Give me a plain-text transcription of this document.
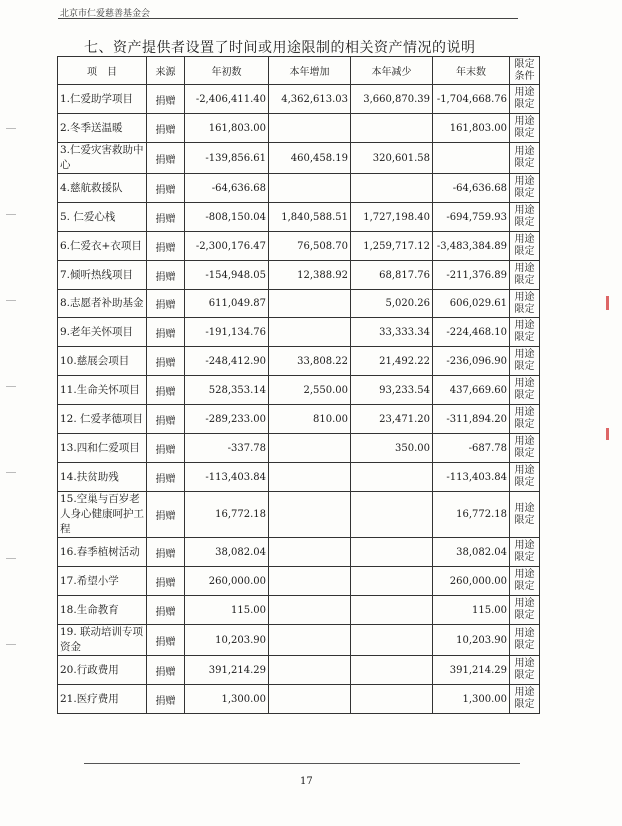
北京市仁爱慈善基金会
七、资产提供者设置了时间或用途限制的相关资产情况的说明
项　目	来源	年初数	本年增加	本年减少	年末数	限定条件
1.仁爱助学项目	捐赠	-2,406,411.40	4,362,613.03	3,660,870.39	-1,704,668.76	用途限定
2.冬季送温暖	捐赠	161,803.00			161,803.00	用途限定
3.仁爱灾害救助中心	捐赠	-139,856.61	460,458.19	320,601.58		用途限定
4.慈航救援队	捐赠	-64,636.68			-64,636.68	用途限定
5. 仁爱心栈	捐赠	-808,150.04	1,840,588.51	1,727,198.40	-694,759.93	用途限定
6.仁爱衣+衣项目	捐赠	-2,300,176.47	76,508.70	1,259,717.12	-3,483,384.89	用途限定
7.倾听热线项目	捐赠	-154,948.05	12,388.92	68,817.76	-211,376.89	用途限定
8.志愿者补助基金	捐赠	611,049.87		5,020.26	606,029.61	用途限定
9.老年关怀项目	捐赠	-191,134.76		33,333.34	-224,468.10	用途限定
10.慈展会项目	捐赠	-248,412.90	33,808.22	21,492.22	-236,096.90	用途限定
11.生命关怀项目	捐赠	528,353.14	2,550.00	93,233.54	437,669.60	用途限定
12. 仁爱孝德项目	捐赠	-289,233.00	810.00	23,471.20	-311,894.20	用途限定
13.四和仁爱项目	捐赠	-337.78		350.00	-687.78	用途限定
14.扶贫助残	捐赠	-113,403.84			-113,403.84	用途限定
15.空巢与百岁老人身心健康呵护工程	捐赠	16,772.18			16,772.18	用途限定
16.春季植树活动	捐赠	38,082.04			38,082.04	用途限定
17.希望小学	捐赠	260,000.00			260,000.00	用途限定
18.生命教育	捐赠	115.00			115.00	用途限定
19. 联动培训专项资金	捐赠	10,203.90			10,203.90	用途限定
20.行政费用	捐赠	391,214.29			391,214.29	用途限定
21.医疗费用	捐赠	1,300.00			1,300.00	用途限定
17
